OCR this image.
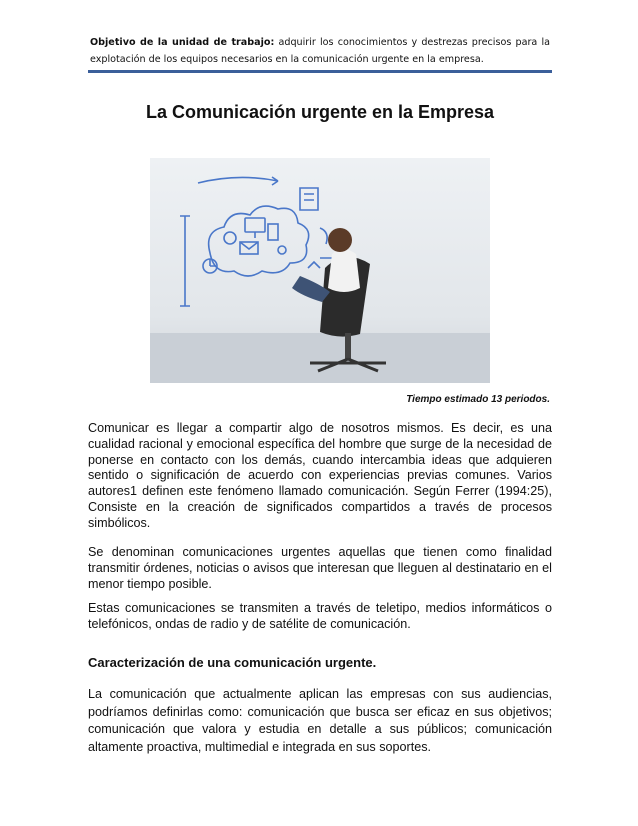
Objetivo de la unidad de trabajo: adquirir los conocimientos y destrezas precisos para la explotación de los equipos necesarios en la comunicación urgente en la empresa.
La Comunicación urgente en la Empresa
Tiempo estimado 13 periodos.
Comunicar es llegar a compartir algo de nosotros mismos. Es decir, es una cualidad racional y emocional específica del hombre que surge de la necesidad de ponerse en contacto con los demás, cuando intercambia ideas que adquieren sentido o significación de acuerdo con experiencias previas comunes. Varios autores1 definen este fenómeno llamado comunicación. Según Ferrer (1994:25), Consiste en la creación de significados compartidos a través de procesos simbólicos.
Se denominan comunicaciones urgentes aquellas que tienen como finalidad transmitir órdenes, noticias o avisos que interesan que lleguen al destinatario en el menor tiempo posible.
Estas comunicaciones se transmiten a través de teletipo, medios informáticos o telefónicos, ondas de radio y de satélite de comunicación.
Caracterización de una comunicación urgente.
La comunicación que actualmente aplican las empresas con sus audiencias, podríamos definirlas como: comunicación que busca ser eficaz en sus objetivos; comunicación que valora y estudia en detalle a sus públicos; comunicación altamente proactiva, multimedial e integrada en sus soportes.
